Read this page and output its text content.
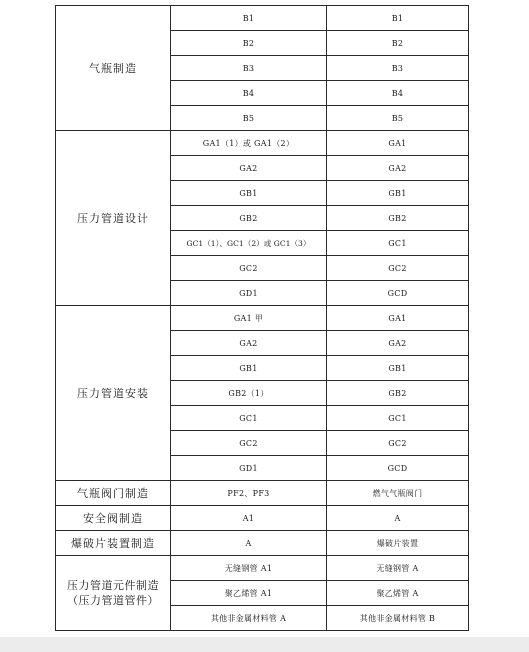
气瓶制造	B1	B1
	B2	B2
	B3	B3
	B4	B4
	B5	B5
压力管道设计	GA1（1）或 GA1（2）	GA1
	GA2	GA2
	GB1	GB1
	GB2	GB2
	GC1（1）、GC1（2）或 GC1（3）	GC1
	GC2	GC2
	GD1	GCD
压力管道安装	GA1 甲	GA1
	GA2	GA2
	GB1	GB1
	GB2（1）	GB2
	GC1	GC1
	GC2	GC2
	GD1	GCD
气瓶阀门制造	PF2、PF3	燃气气瓶阀门
安全阀制造	A1	A
爆破片装置制造	A	爆破片装置
压力管道元件制造（压力管道管件）	无缝钢管 A1	无缝钢管 A
	聚乙烯管 A1	聚乙烯管 A
	其他非金属材料管 A	其他非金属材料管 B
